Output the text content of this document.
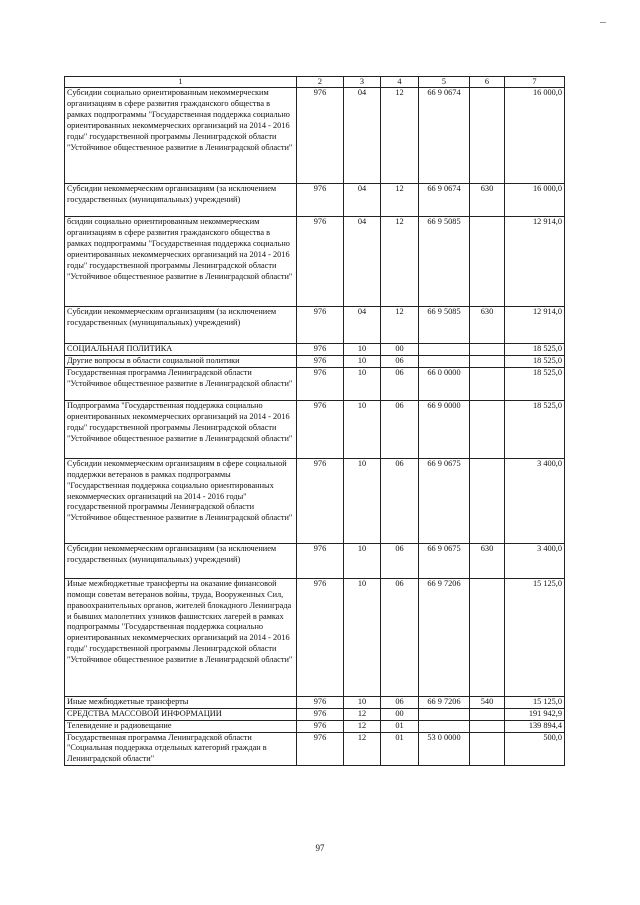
1	2	3	4	5	6	7
Субсидии социально ориентированным некоммерческим организациям в сфере развития гражданского общества в рамках подпрограммы "Государственная поддержка социально ориентированных некоммерческих организаций на 2014 - 2016 годы" государственной программы Ленинградской области "Устойчивое общественное развитие в Ленинградской области"	976	04	12	66 9 0674		16 000,0
Субсидии некоммерческим организациям (за исключением государственных (муниципальных) учреждений)	976	04	12	66 9 0674	630	16 000,0
бсидии социально ориентированным некоммерческим организациям в сфере развития гражданского общества в рамках подпрограммы "Государственная поддержка социально ориентированных некоммерческих организаций на 2014 - 2016 годы" государственной программы Ленинградской области "Устойчивое общественное развитие в Ленинградской области"	976	04	12	66 9 5085		12 914,0
Субсидии некоммерческим организациям (за исключением государственных (муниципальных) учреждений)	976	04	12	66 9 5085	630	12 914,0
СОЦИАЛЬНАЯ ПОЛИТИКА	976	10	00			18 525,0
Другие вопросы в области социальной политики	976	10	06			18 525,0
Государственная программа Ленинградской области "Устойчивое общественное развитие в Ленинградской области"	976	10	06	66 0 0000		18 525,0
Подпрограмма "Государственная поддержка социально ориентированных некоммерческих организаций на 2014 - 2016 годы" государственной программы Ленинградской области "Устойчивое общественное развитие в Ленинградской области"	976	10	06	66 9 0000		18 525,0
Субсидии некоммерческим организациям в сфере социальной поддержки ветеранов в рамках подпрограммы "Государственная поддержка социально ориентированных некоммерческих организаций на 2014 - 2016 годы" государственной программы Ленинградской области "Устойчивое общественное развитие в Ленинградской области"	976	10	06	66 9 0675		3 400,0
Субсидии некоммерческим организациям (за исключением государственных (муниципальных) учреждений)	976	10	06	66 9 0675	630	3 400,0
Иные межбюджетные трансферты на оказание финансовой помощи советам ветеранов войны, труда, Вооруженных Сил, правоохранительных органов, жителей блокадного Ленинграда и бывших малолетних узников фашистских лагерей в рамках подпрограммы "Государственная поддержка социально ориентированных некоммерческих организаций на 2014 - 2016 годы" государственной программы Ленинградской области "Устойчивое общественное развитие в Ленинградской области"	976	10	06	66 9 7206		15 125,0
Иные межбюджетные трансферты	976	10	06	66 9 7206	540	15 125,0
СРЕДСТВА МАССОВОЙ ИНФОРМАЦИИ	976	12	00			191 942,9
Телевидение и радиовещание	976	12	01			139 894,4
Государственная программа Ленинградской области "Социальная поддержка отдельных категорий граждан в Ленинградской области"	976	12	01	53 0 0000		500,0
97
